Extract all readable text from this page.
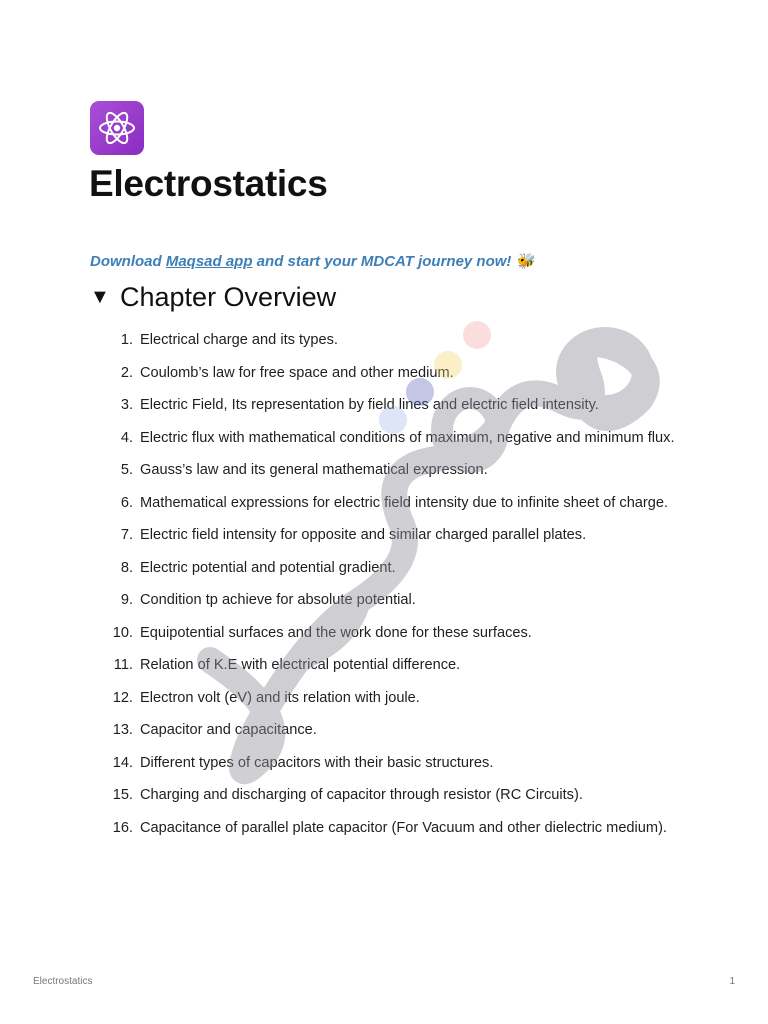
Electrostatics

Download Maqsad app and start your MDCAT journey now! 🐝

▼ Chapter Overview
1. Electrical charge and its types.
2. Coulomb’s law for free space and other medium.
3. Electric Field, Its representation by field lines and electric field intensity.
4. Electric flux with mathematical conditions of maximum, negative and minimum flux.
5. Gauss’s law and its general mathematical expression.
6. Mathematical expressions for electric field intensity due to infinite sheet of charge.
7. Electric field intensity for opposite and similar charged parallel plates.
8. Electric potential and potential gradient.
9. Condition tp achieve for absolute potential.
10. Equipotential surfaces and the work done for these surfaces.
11. Relation of K.E with electrical potential difference.
12. Electron volt (eV) and its relation with joule.
13. Capacitor and capacitance.
14. Different types of capacitors with their basic structures.
15. Charging and discharging of capacitor through resistor (RC Circuits).
16. Capacitance of parallel plate capacitor (For Vacuum and other dielectric medium).
Electrostatics	1
